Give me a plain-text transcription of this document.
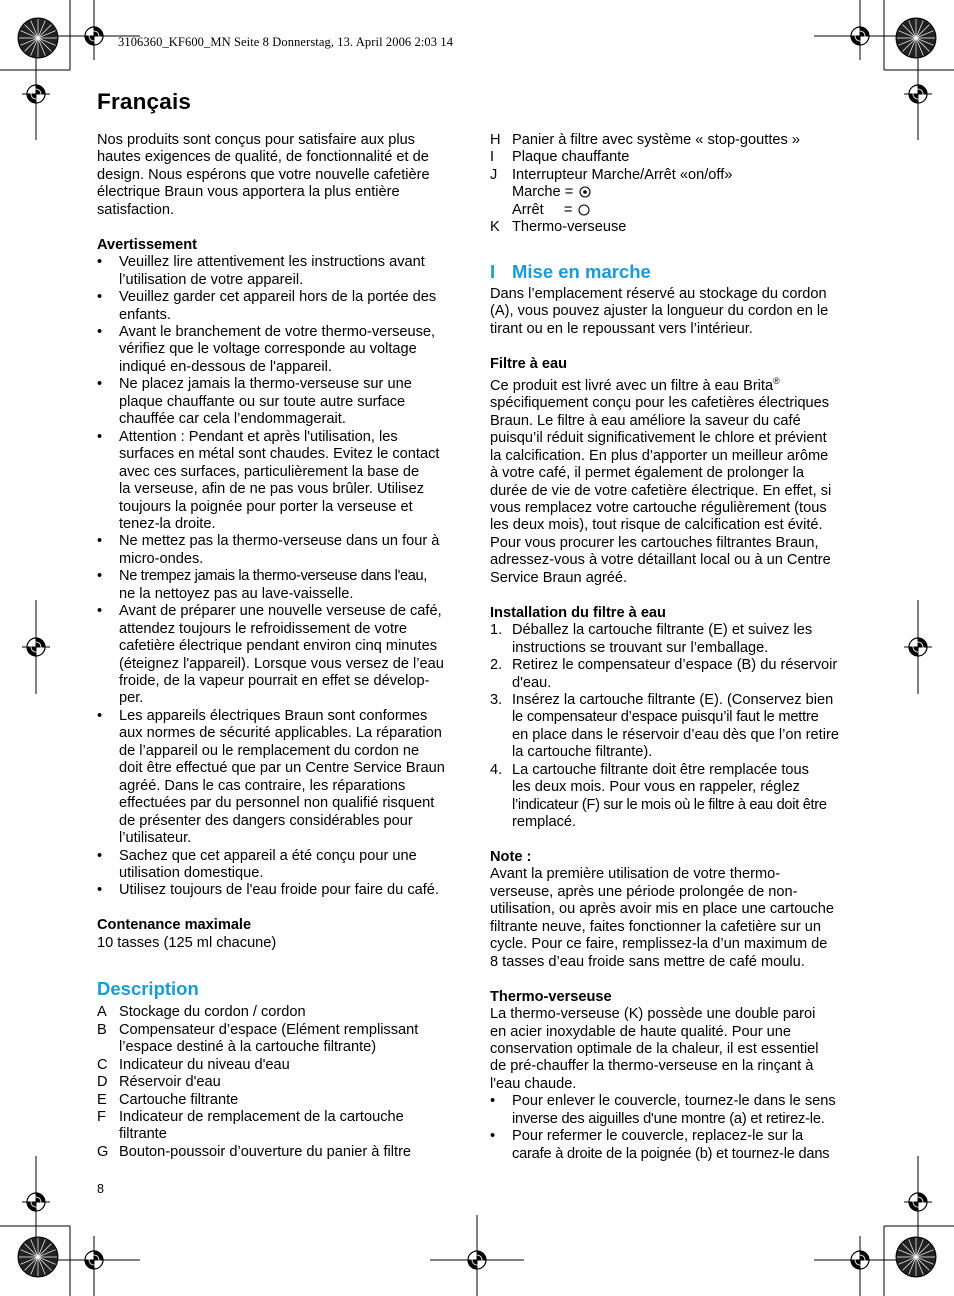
3106360_KF600_MN Seite 8 Donnerstag, 13. April 2006 2:03 14
Français

Nos produits sont conçus pour satisfaire aux plus

hautes exigences de qualité, de fonctionnalité et de

design. Nous espérons que votre nouvelle cafetière

électrique Braun vous apportera la plus entière

satisfaction.

Avertissement

• Veuillez lire attentivement les instructions avant

l’utilisation de votre appareil.

• Veuillez garder cet appareil hors de la portée des

enfants.

• Avant le branchement de votre thermo-verseuse,

vérifiez que le voltage corresponde au voltage

indiqué en-dessous de l'appareil.

• Ne placez jamais la thermo-verseuse sur une

plaque chauffante ou sur toute autre surface

chauffée car cela l’endommagerait.

• Attention : Pendant et après l'utilisation, les

surfaces en métal sont chaudes. Evitez le contact

avec ces surfaces, particulièrement la base de

la verseuse, afin de ne pas vous brûler. Utilisez

toujours la poignée pour porter la verseuse et

tenez-la droite.

• Ne mettez pas la thermo-verseuse dans un four à

micro-ondes.

• Ne trempez jamais la thermo-verseuse dans l'eau,

ne la nettoyez pas au lave-vaisselle.

• Avant de préparer une nouvelle verseuse de café,

attendez toujours le refroidissement de votre

cafetière électrique pendant environ cinq minutes

(éteignez l'appareil). Lorsque vous versez de l’eau

froide, de la vapeur pourrait en effet se dévelop-

per.

• Les appareils électriques Braun sont conformes

aux normes de sécurité applicables. La réparation

de l’appareil ou le remplacement du cordon ne

doit être effectué que par un Centre Service Braun

agréé. Dans le cas contraire, les réparations

effectuées par du personnel non qualifié risquent

de présenter des dangers considérables pour

l’utilisateur.

• Sachez que cet appareil a été conçu pour une

utilisation domestique.

• Utilisez toujours de l'eau froide pour faire du café.

Contenance maximale

10 tasses (125 ml chacune)

Description
A Stockage du cordon / cordon

B Compensateur d’espace (Elément remplissant

l’espace destiné à la cartouche filtrante)

C Indicateur du niveau d'eau

D Réservoir d'eau

E Cartouche filtrante

F Indicateur de remplacement de la cartouche

filtrante

G Bouton-poussoir d’ouverture du panier à filtre

H Panier à filtre avec système « stop-gouttes »

I Plaque chauffante

J Interrupteur Marche/Arrêt «on/off»

Marche =

Arrêt     =

K Thermo-verseuse

I Mise en marche

Dans l’emplacement réservé au stockage du cordon

(A), vous pouvez ajuster la longueur du cordon en le

tirant ou en le repoussant vers l’intérieur.

Filtre à eau

Ce produit est livré avec un filtre à eau Brita®

spécifiquement conçu pour les cafetières électriques

Braun. Le filtre à eau améliore la saveur du café

puisqu’il réduit significativement le chlore et prévient

la calcification. En plus d’apporter un meilleur arôme

à votre café, il permet également de prolonger la

durée de vie de votre cafetière électrique. En effet, si

vous remplacez votre cartouche régulièrement (tous

les deux mois), tout risque de calcification est évité.

Pour vous procurer les cartouches filtrantes Braun,

adressez-vous à votre détaillant local ou à un Centre

Service Braun agréé.

Installation du filtre à eau

1. Déballez la cartouche filtrante (E) et suivez les

instructions se trouvant sur l’emballage.

2. Retirez le compensateur d’espace (B) du réservoir

d'eau.

3. Insérez la cartouche filtrante (E). (Conservez bien

le compensateur d’espace puisqu’il faut le mettre

en place dans le réservoir d’eau dès que l’on retire

la cartouche filtrante).

4. La cartouche filtrante doit être remplacée tous

les deux mois. Pour vous en rappeler, réglez

l’indicateur (F) sur le mois où le filtre à eau doit être

remplacé.

Note :

Avant la première utilisation de votre thermo-

verseuse, après une période prolongée de non-

utilisation, ou après avoir mis en place une cartouche

filtrante neuve, faites fonctionner la cafetière sur un

cycle. Pour ce faire, remplissez-la d’un maximum de

8 tasses d’eau froide sans mettre de café moulu.

Thermo-verseuse

La thermo-verseuse (K) possède une double paroi

en acier inoxydable de haute qualité. Pour une

conservation optimale de la chaleur, il est essentiel

de pré-chauffer la thermo-verseuse en la rinçant à

l'eau chaude.

• Pour enlever le couvercle, tournez-le dans le sens

inverse des aiguilles d'une montre (a) et retirez-le.

• Pour refermer le couvercle, replacez-le sur la

carafe à droite de la poignée (b) et tournez-le dans

8
